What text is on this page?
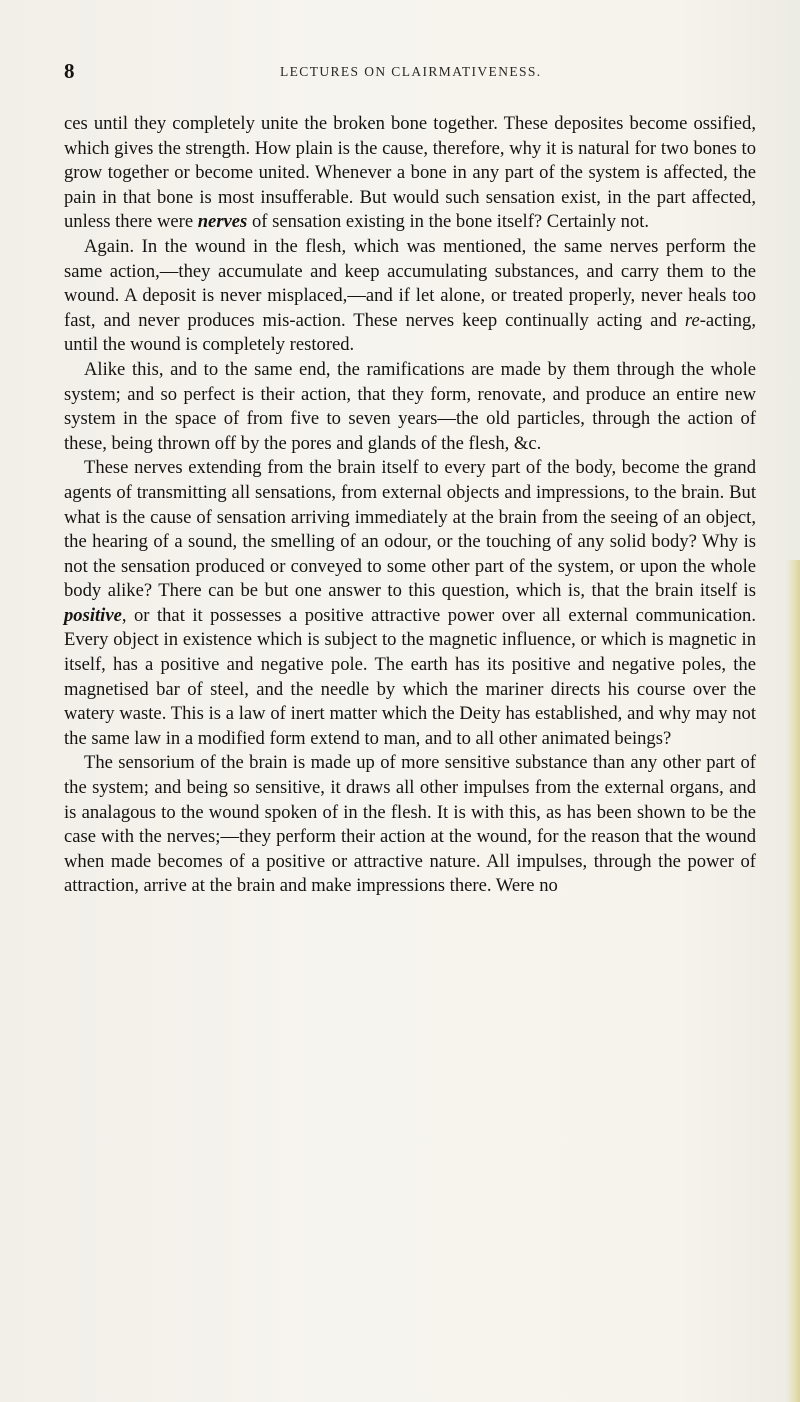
8	LECTURES ON CLAIRMATIVENESS.

ces until they completely unite the broken bone together. These deposites become ossified, which gives the strength. How plain is the cause, therefore, why it is natural for two bones to grow together or become united. Whenever a bone in any part of the system is affected, the pain in that bone is most insufferable. But would such sensation exist, in the part affected, unless there were nerves of sensation existing in the bone itself? Certainly not.

Again. In the wound in the flesh, which was mentioned, the same nerves perform the same action,—they accumulate and keep accumulating substances, and carry them to the wound. A deposit is never misplaced,—and if let alone, or treated properly, never heals too fast, and never produces mis-action. These nerves keep continually acting and re-acting, until the wound is completely restored.

Alike this, and to the same end, the ramifications are made by them through the whole system; and so perfect is their action, that they form, renovate, and produce an entire new system in the space of from five to seven years—the old particles, through the action of these, being thrown off by the pores and glands of the flesh, &c.

These nerves extending from the brain itself to every part of the body, become the grand agents of transmitting all sensations, from external objects and impressions, to the brain. But what is the cause of sensation arriving immediately at the brain from the seeing of an object, the hearing of a sound, the smelling of an odour, or the touching of any solid body? Why is not the sensation produced or conveyed to some other part of the system, or upon the whole body alike? There can be but one answer to this question, which is, that the brain itself is positive, or that it possesses a positive attractive power over all external communication. Every object in existence which is subject to the magnetic influence, or which is magnetic in itself, has a positive and negative pole. The earth has its positive and negative poles, the magnetised bar of steel, and the needle by which the mariner directs his course over the watery waste. This is a law of inert matter which the Deity has established, and why may not the same law in a modified form extend to man, and to all other animated beings?

The sensorium of the brain is made up of more sensitive substance than any other part of the system; and being so sensitive, it draws all other impulses from the external organs, and is analagous to the wound spoken of in the flesh. It is with this, as has been shown to be the case with the nerves;—they perform their action at the wound, for the reason that the wound when made becomes of a positive or attractive nature. All impulses, through the power of attraction, arrive at the brain and make impressions there. Were no
